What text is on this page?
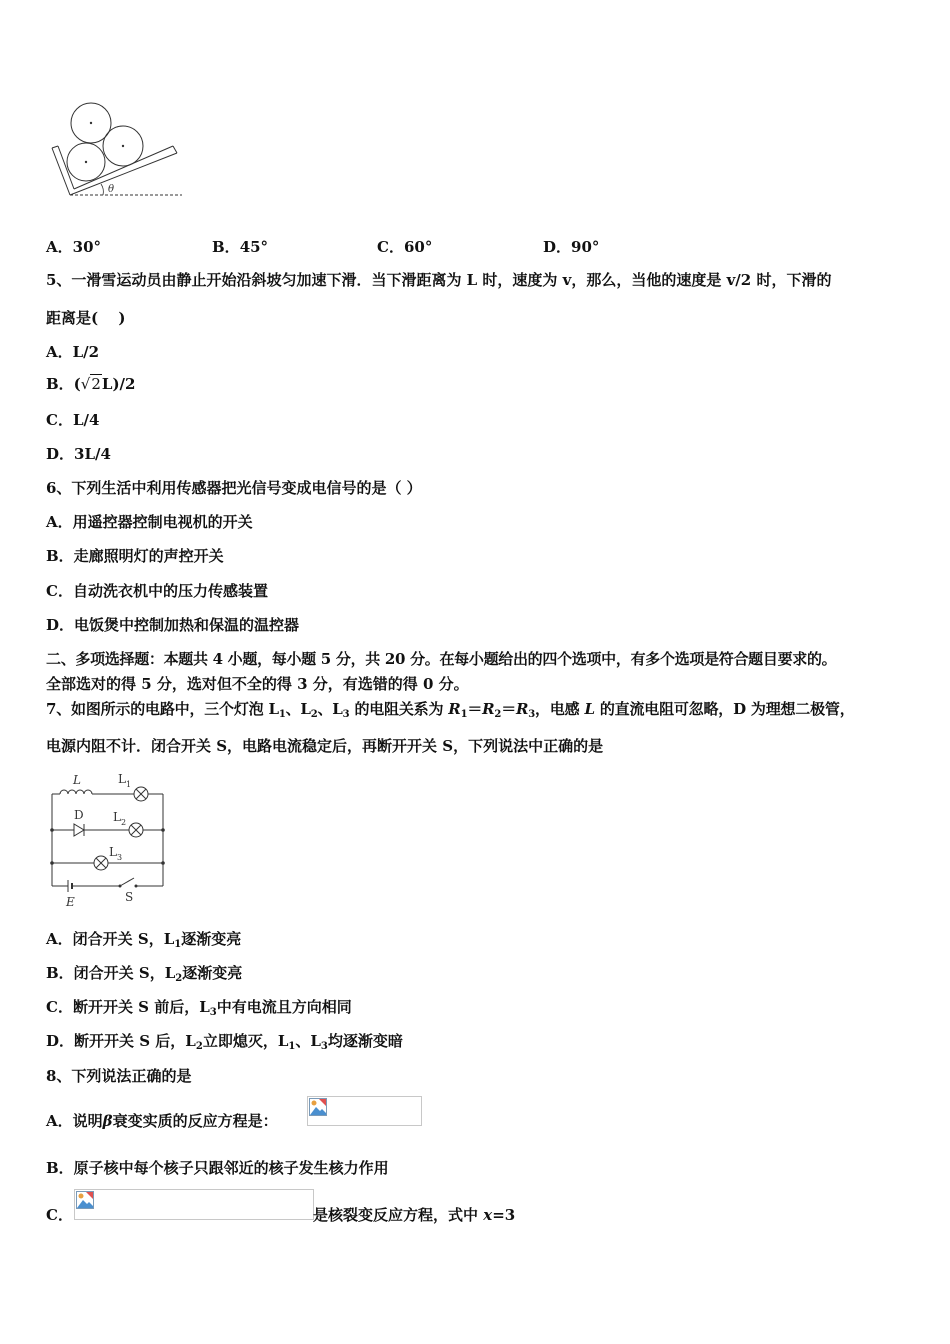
θ
A．30°	B．45°	C．60°	D．90°
5、一滑雪运动员由静止开始沿斜坡匀加速下滑．当下滑距离为 L 时，速度为 v，那么，当他的速度是 v/2 时，下滑的
距离是(　 )
A．L/2
B．(√2L)/2
C．L/4
D．3L/4
6、下列生活中利用传感器把光信号变成电信号的是（ ）
A．用遥控器控制电视机的开关
B．走廊照明灯的声控开关
C．自动洗衣机中的压力传感装置
D．电饭煲中控制加热和保温的温控器
二、多项选择题：本题共 4 小题，每小题 5 分，共 20 分。在每小题给出的四个选项中，有多个选项是符合题目要求的。
全部选对的得 5 分，选对但不全的得 3 分，有选错的得 0 分。
7、如图所示的电路中，三个灯泡 $L_1$、$L_2$、$L_3$ 的电阻关系为 $R_1=R_2=R_3$，电感 L 的直流电阻可忽略，D 为理想二极管，
电源内阻不计．闭合开关 S，电路电流稳定后，再断开开关 S，下列说法中正确的是
L	L 1
D L 2
L 3
E	S
A．闭合开关 S，$L_1$逐渐变亮
B．闭合开关 S，$L_2$逐渐变亮
C．断开开关 S 前后，$L_3$中有电流且方向相同
D．断开开关 S 后，$L_2$立即熄灭，$L_1$、$L_3$均逐渐变暗
8、下列说法正确的是
A．说明β衰变实质的反应方程是：
B．原子核中每个核子只跟邻近的核子发生核力作用
C．	是核裂变反应方程，式中 x=3
